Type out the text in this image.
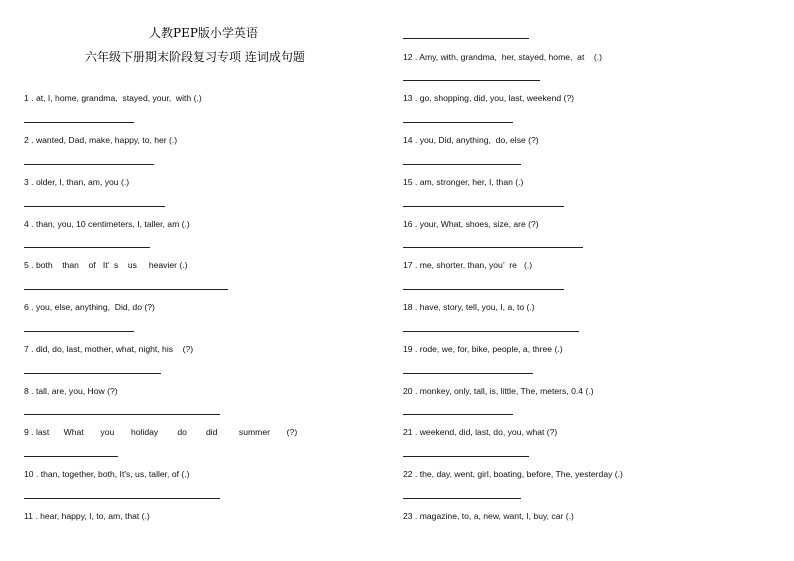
人教PEP版小学英语
六年级下册期末阶段复习专项 连词成句题
1 . at, I, home, grandma,  stayed, your,  with (.)
2 . wanted, Dad, make, happy, to, her (.)
3 . older, I, than, am, you (.)
4 . than, you, 10 centimeters, I, taller, am (.)
5 . both    than    of   It’  s    us     heavier (.)
6 . you, else, anything,  Did, do (?)
7 . did, do, last, mother, what, night, his    (?)
8 . tall, are, you, How (?)
9 . last      What       you       holiday        do        did         summer       (?)
10 . than, together, both, It's, us, taller, of (.)
11 . hear, happy, I, to, am, that (.)
12 . Amy, with, grandma,  her, stayed, home,  at    (.)
13 . go, shopping, did, you, last, weekend (?)
14 . you, Did, anything,  do, else (?)
15 . am, stronger, her, I, than (.)
16 . your, What, shoes, size, are (?)
17 . me, shorter, than, you’  re   (.)
18 . have, story, tell, you, I, a, to (.)
19 . rode, we, for, bike, people, a, three (.)
20 . monkey, only, tall, is, little, The, meters, 0.4 (.)
21 . weekend, did, last, do, you, what (?)
22 . the, day, went, girl, boating, before, The, yesterday (.)
23 . magazine, to, a, new, want, I, buy, car (.)
